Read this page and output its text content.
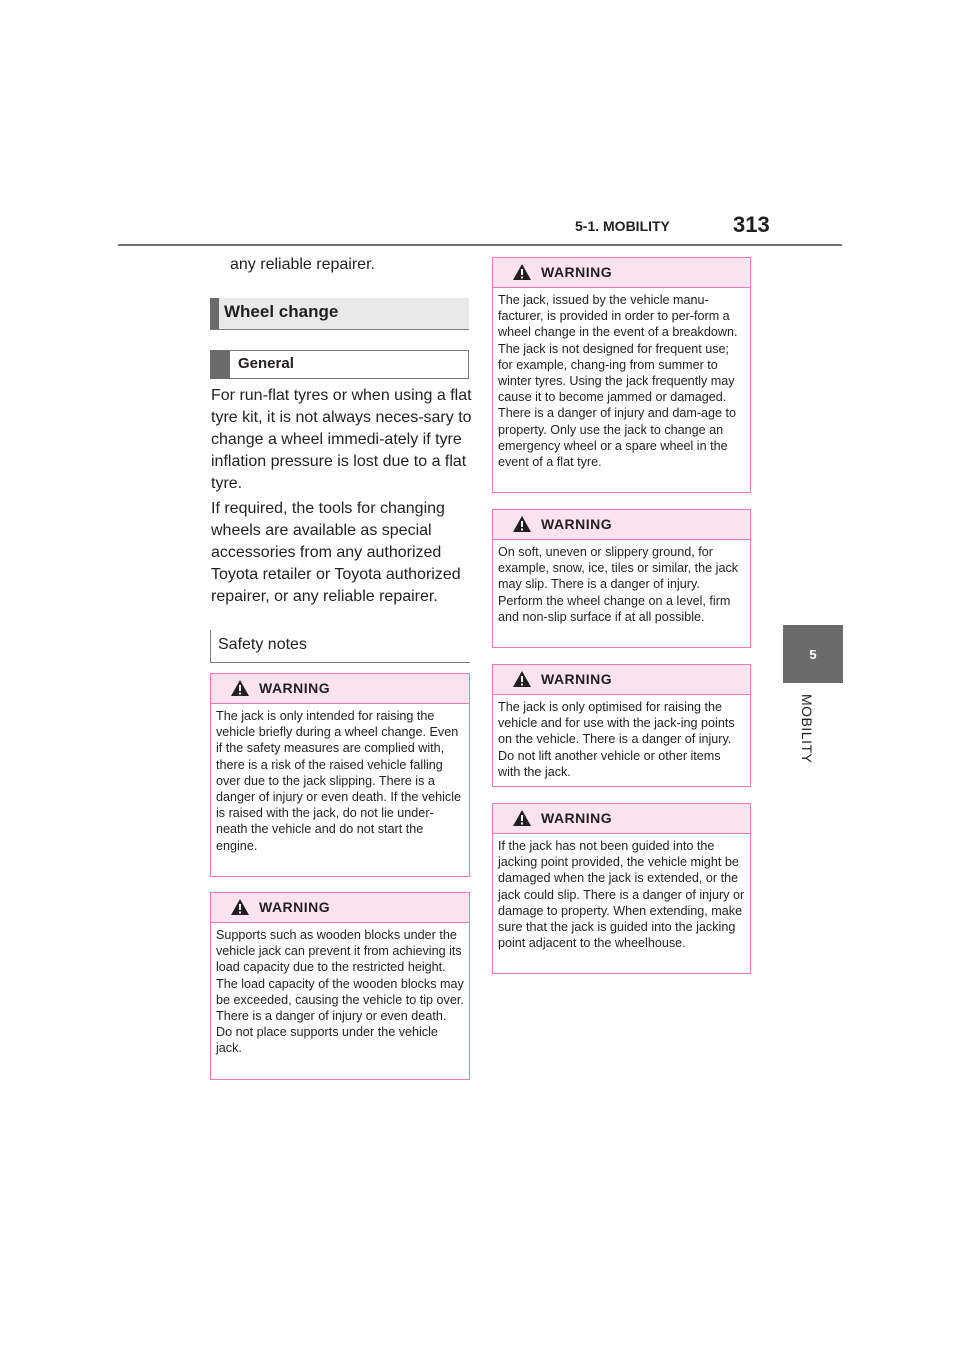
5-1. MOBILITY	313
5
MOBILITY
any reliable repairer.
Wheel change
General
For run-flat tyres or when using a flat tyre kit, it is not always neces-sary to change a wheel immedi-ately if tyre inflation pressure is lost due to a flat tyre.
If required, the tools for changing wheels are available as special accessories from any authorized Toyota retailer or Toyota authorized repairer, or any reliable repairer.
Safety notes
WARNING
The jack is only intended for raising the vehicle briefly during a wheel change. Even if the safety measures are complied with, there is a risk of the raised vehicle falling over due to the jack slipping. There is a danger of injury or even death. If the vehicle is raised with the jack, do not lie under-neath the vehicle and do not start the engine.
WARNING
Supports such as wooden blocks under the vehicle jack can prevent it from achieving its load capacity due to the restricted height. The load capacity of the wooden blocks may be exceeded, causing the vehicle to tip over. There is a danger of injury or even death. Do not place supports under the vehicle jack.
WARNING
The jack, issued by the vehicle manu-facturer, is provided in order to per-form a wheel change in the event of a breakdown. The jack is not designed for frequent use; for example, chang-ing from summer to winter tyres. Using the jack frequently may cause it to become jammed or damaged. There is a danger of injury and dam-age to property. Only use the jack to change an emergency wheel or a spare wheel in the event of a flat tyre.
WARNING
On soft, uneven or slippery ground, for example, snow, ice, tiles or similar, the jack may slip. There is a danger of injury. Perform the wheel change on a level, firm and non-slip surface if at all possible.
WARNING
The jack is only optimised for raising the vehicle and for use with the jack-ing points on the vehicle. There is a danger of injury. Do not lift another vehicle or other items with the jack.
WARNING
If the jack has not been guided into the jacking point provided, the vehicle might be damaged when the jack is extended, or the jack could slip. There is a danger of injury or damage to property. When extending, make sure that the jack is guided into the jacking point adjacent to the wheelhouse.
